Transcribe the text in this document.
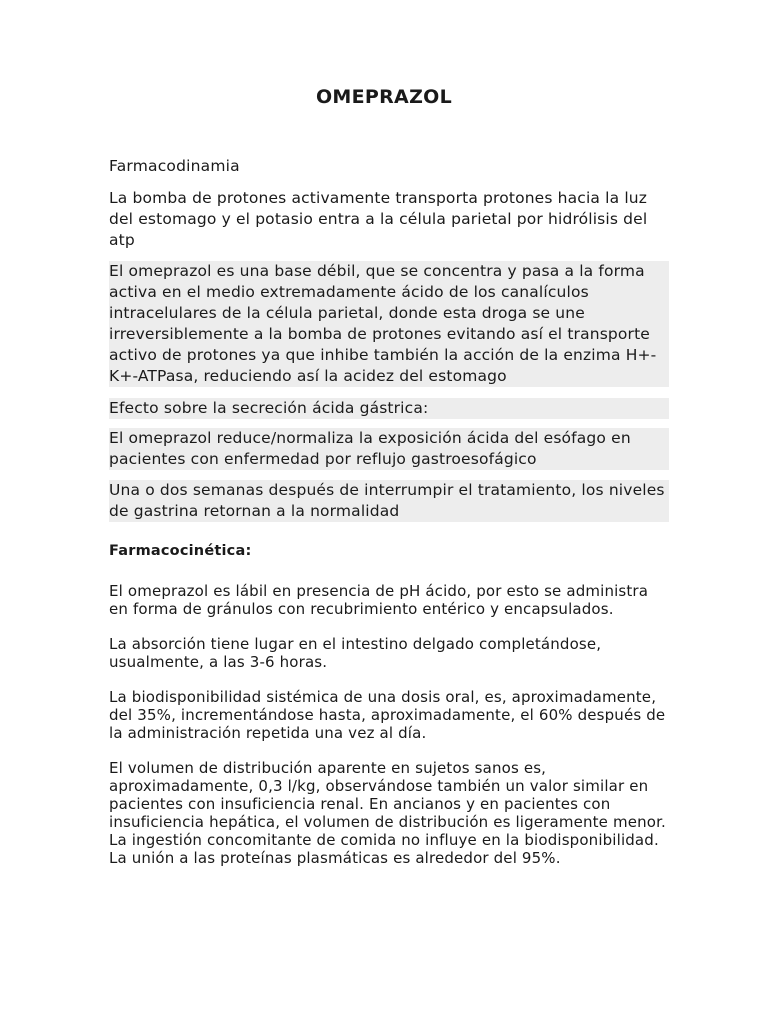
OMEPRAZOL
Farmacodinamia

La bomba de protones activamente transporta protones hacia la luz del estomago y el potasio entra a la célula parietal por hidrólisis del atp

El omeprazol es una base débil, que se concentra y pasa a la forma activa en el medio extremadamente ácido de los canalículos intracelulares de la célula parietal, donde esta droga se une irreversiblemente a la bomba de protones evitando así el transporte activo de protones ya que inhibe también la acción de la enzima H+-K+-ATPasa, reduciendo así la acidez del estomago

Efecto sobre la secreción ácida gástrica:

El omeprazol reduce/normaliza la exposición ácida del esófago en pacientes con enfermedad por reflujo gastroesofágico

Una o dos semanas después de interrumpir el tratamiento, los niveles de gastrina retornan a la normalidad

Farmacocinética:

El omeprazol es lábil en presencia de pH ácido, por esto se administra en forma de gránulos con recubrimiento entérico y encapsulados.

La absorción tiene lugar en el intestino delgado completándose, usualmente, a las 3-6 horas.

La biodisponibilidad sistémica de una dosis oral, es, aproximadamente, del 35%, incrementándose hasta, aproximadamente, el 60% después de la administración repetida una vez al día.

El volumen de distribución aparente en sujetos sanos es, aproximadamente, 0,3 l/kg, observándose también un valor similar en pacientes con insuficiencia renal. En ancianos y en pacientes con insuficiencia hepática, el volumen de distribución es ligeramente menor. La ingestión concomitante de comida no influye en la biodisponibilidad. La unión a las proteínas plasmáticas es alrededor del 95%.
